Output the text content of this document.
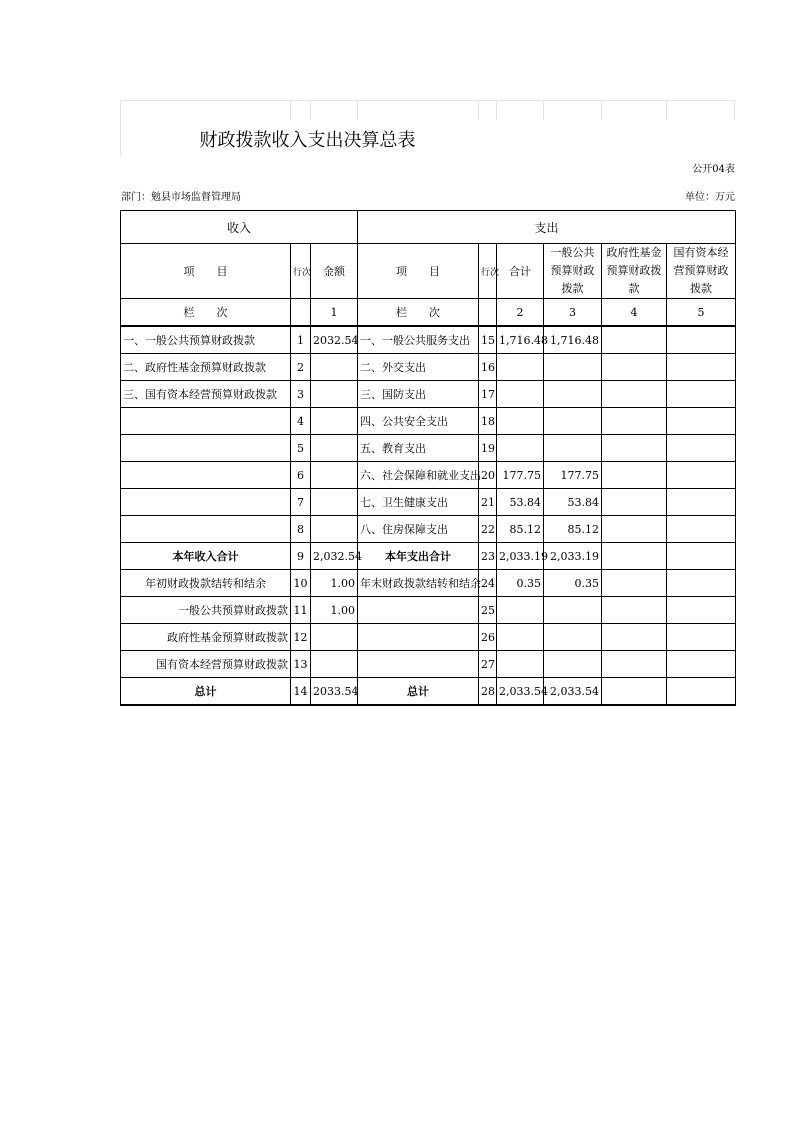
财政拨款收入支出决算总表
公开04表
部门：勉县市场监督管理局	单位：万元
收入			支出					
项　　目	行次	金额	项　　目	行次	合计	一般公共预算财政拨款	政府性基金预算财政拨款	国有资本经营预算财政拨款

栏　　次		1	栏　　次		2	3	4	5
一、一般公共预算财政拨款	1	2032.54	一、一般公共服务支出	15	1,716.48	1,716.48		
二、政府性基金预算财政拨款	2		二、外交支出	16				
三、国有资本经营预算财政拨款	3		三、国防支出	17				
	4		四、公共安全支出	18				
	5		五、教育支出	19				
	6		六、社会保障和就业支出	20	177.75	177.75		
	7		七、卫生健康支出	21	53.84	53.84		
	8		八、住房保障支出	22	85.12	85.12		
本年收入合计	9	2,032.54	本年支出合计	23	2,033.19	2,033.19		
年初财政拨款结转和结余	10	1.00	年末财政拨款结转和结余	24	0.35	0.35		
一般公共预算财政拨款	11	1.00		25				
政府性基金预算财政拨款	12			26				
国有资本经营预算财政拨款	13			27				
总计	14	2033.54	总计	28	2,033.54	2,033.54		
